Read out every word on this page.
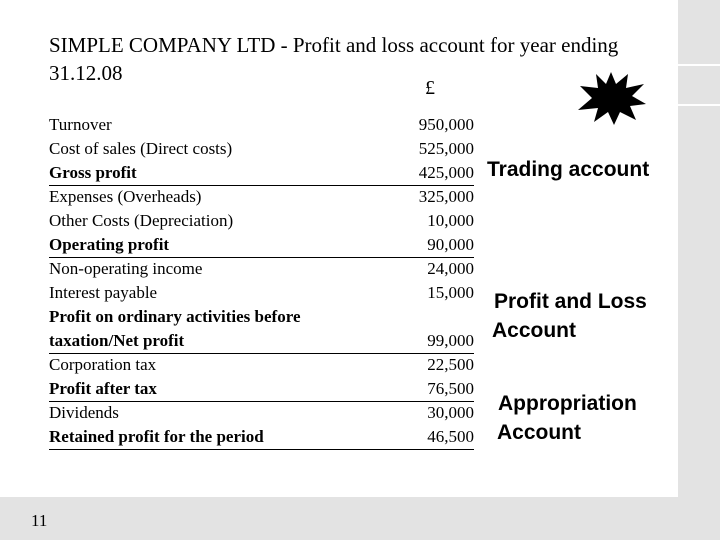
SIMPLE COMPANY LTD - Profit and loss account for year ending 31.12.08
£
Turnover	950,000
Cost of sales (Direct costs)	525,000
Gross profit	425,000
Expenses (Overheads)	325,000
Other Costs (Depreciation)	10,000
Operating profit	90,000
Non-operating income	24,000
Interest payable	15,000
Profit on ordinary activities before
taxation/Net profit	99,000
Corporation tax	22,500
Profit after tax	76,500
Dividends	30,000
Retained profit for the period	46,500
Trading account
Profit and Loss
Account
Appropriation
Account
11
